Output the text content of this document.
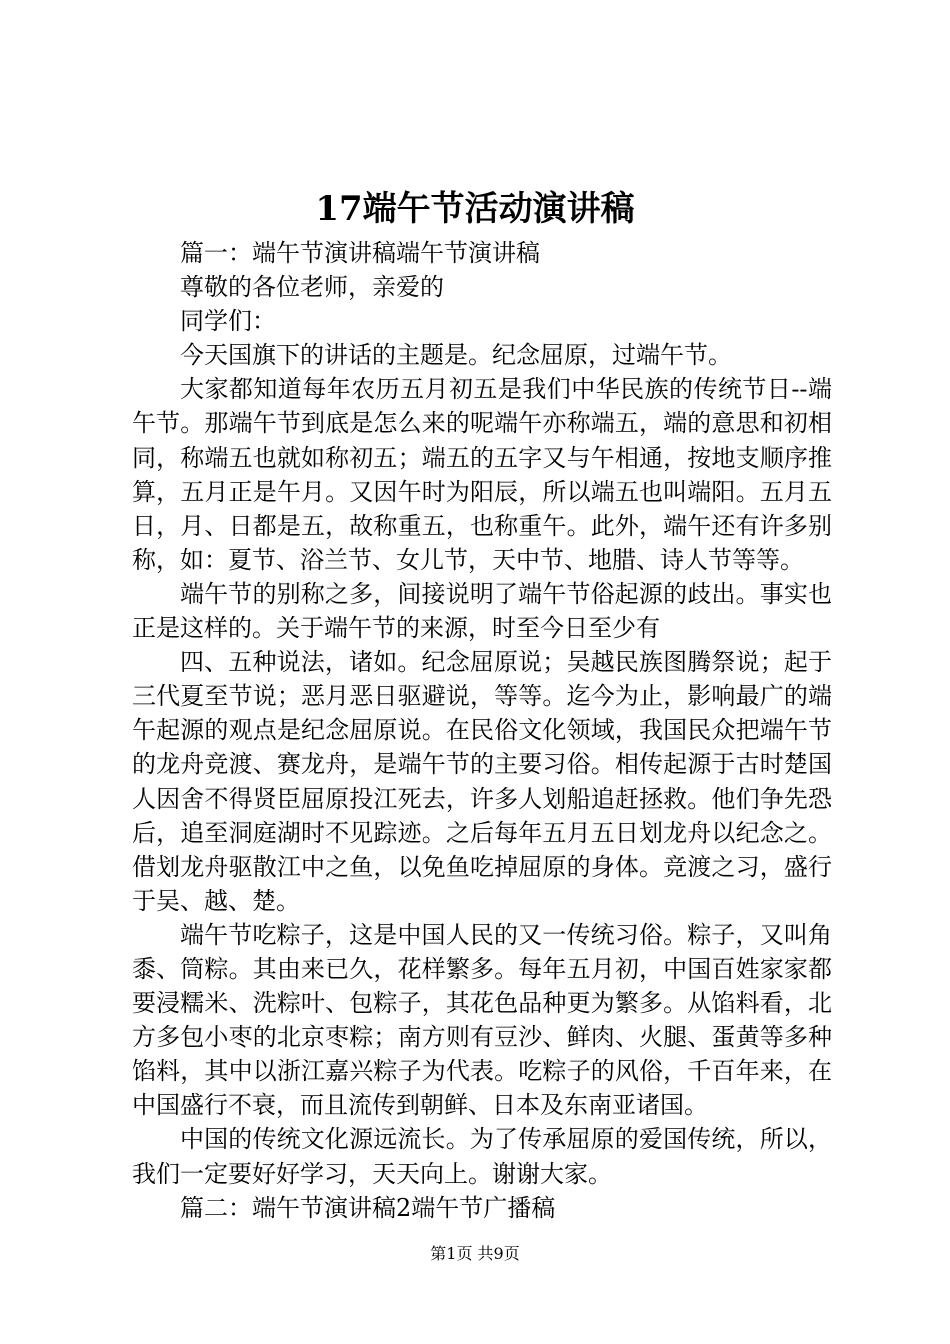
17端午节活动演讲稿

篇一：端午节演讲稿端午节演讲稿

尊敬的各位老师，亲爱的

同学们：

今天国旗下的讲话的主题是。纪念屈原，过端午节。

大家都知道每年农历五月初五是我们中华民族的传统节日--端午节。那端午节到底是怎么来的呢端午亦称端五，端的意思和初相同，称端五也就如称初五；端五的五字又与午相通，按地支顺序推算，五月正是午月。又因午时为阳辰，所以端五也叫端阳。五月五日，月、日都是五，故称重五，也称重午。此外，端午还有许多别称，如：夏节、浴兰节、女儿节，天中节、地腊、诗人节等等。

端午节的别称之多，间接说明了端午节俗起源的歧出。事实也正是这样的。关于端午节的来源，时至今日至少有

四、五种说法，诸如。纪念屈原说；吴越民族图腾祭说；起于三代夏至节说；恶月恶日驱避说，等等。迄今为止，影响最广的端午起源的观点是纪念屈原说。在民俗文化领域，我国民众把端午节的龙舟竞渡、赛龙舟，是端午节的主要习俗。相传起源于古时楚国人因舍不得贤臣屈原投江死去，许多人划船追赶拯救。他们争先恐后，追至洞庭湖时不见踪迹。之后每年五月五日划龙舟以纪念之。借划龙舟驱散江中之鱼，以免鱼吃掉屈原的身体。竞渡之习，盛行于吴、越、楚。

端午节吃粽子，这是中国人民的又一传统习俗。粽子，又叫角黍、筒粽。其由来已久，花样繁多。每年五月初，中国百姓家家都要浸糯米、洗粽叶、包粽子，其花色品种更为繁多。从馅料看，北方多包小枣的北京枣粽；南方则有豆沙、鲜肉、火腿、蛋黄等多种馅料，其中以浙江嘉兴粽子为代表。吃粽子的风俗，千百年来，在中国盛行不衰，而且流传到朝鲜、日本及东南亚诸国。

中国的传统文化源远流长。为了传承屈原的爱国传统，所以，我们一定要好好学习，天天向上。谢谢大家。

篇二：端午节演讲稿2端午节广播稿

第1页 共9页
